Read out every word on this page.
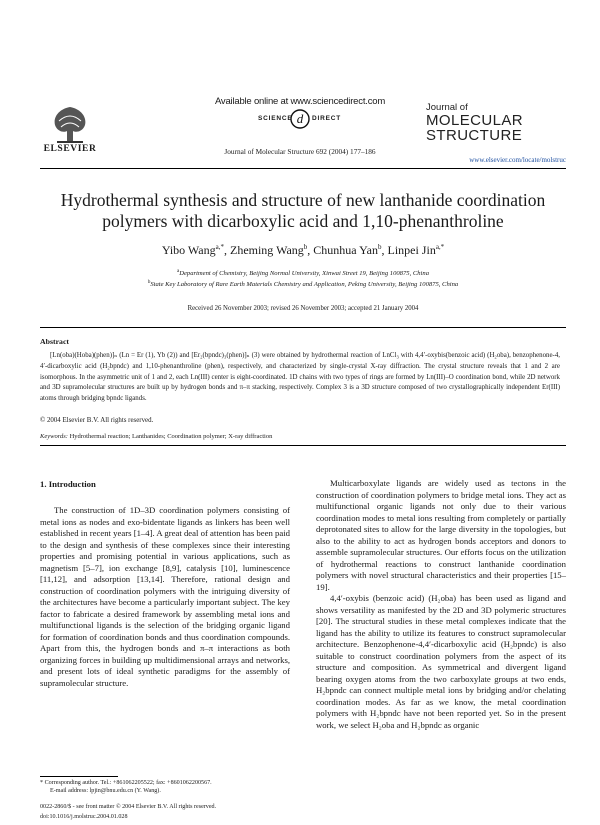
ELSEVIER
Available online at www.sciencedirect.com
d
SCIENCE	DIRECT
Journal of Molecular Structure 692 (2004) 177–186
Journal of
MOLECULAR
STRUCTURE
www.elsevier.com/locate/molstruc
Hydrothermal synthesis and structure of new lanthanide coordination
polymers with dicarboxylic acid and 1,10-phenanthroline
Yibo Wang$^{a,*}$, Zheming Wang$^b$, Chunhua Yan$^b$, Linpei Jin$^{a,*}$
$^a$Department of Chemistry, Beijing Normal University, Xinwai Street 19, Beijing 100875, China
$^b$State Key Laboratory of Rare Earth Materials Chemistry and Application, Peking University, Beijing 100875, China
Received 26 November 2003; revised 26 November 2003; accepted 21 January 2004
Abstract
[Ln(oba)(Hoba)(phen)]ₙ (Ln = Er (1), Yb (2)) and [Er₂(bpndc)₃(phen)]ₙ (3) were obtained by hydrothermal reaction of LnCl₃ with 4,4′-oxybis(benzoic acid) (H₂oba), benzophenone-4, 4′-dicarboxylic acid (H₂bpndc) and 1,10-phenanthroline (phen), respectively, and characterized by single-crystal X-ray diffraction. The crystal structure reveals that 1 and 2 are isomorphous. In the asymmetric unit of 1 and 2, each Ln(III) center is eight-coordinated. 1D chains with two types of rings are formed by Ln(III)–O coordination bond, while 2D network and 3D supramolecular structures are built up by hydrogen bonds and π–π stacking, respectively. Complex 3 is a 3D structure composed of two crystallographically independent Er(III) atoms through bridging bpndc ligands.
© 2004 Elsevier B.V. All rights reserved.
Keywords: Hydrothermal reaction; Lanthanides; Coordination polymer; X-ray diffraction
1. Introduction
The construction of 1D–3D coordination polymers consisting of metal ions as nodes and exo-bidentate ligands as linkers has been well established in recent years [1–4]. A great deal of attention has been paid to the design and synthesis of these complexes since their interesting properties and promising potential in various applications, such as magnetism [5–7], ion exchange [8,9], catalysis [10], luminescence [11,12], and adsorption [13,14]. Therefore, rational design and construction of coordination polymers with the intriguing diversity of the architectures have become a particularly important subject. The key factor to fabricate a desired framework by assembling metal ions and multifunctional ligands is the selection of the bridging organic ligand for formation of coordination bonds and thus coordination compounds. Apart from this, the hydrogen bonds and π–π interactions as both organizing forces in building up multidimensional arrays and networks, and present lots of ideal synthetic paradigms for the assembly of supramolecular structure.

Multicarboxylate ligands are widely used as tectons in the construction of coordination polymers to bridge metal ions. They act as multifunctional organic ligands not only due to their various coordination modes to metal ions resulting from completely or partially deprotonated sites to allow for the large diversity in the topologies, but also to the ability to act as hydrogen bonds acceptors and donors to assemble supramolecular structures. Our efforts focus on the utilization of hydrothermal reactions to construct lanthanide coordination polymers with novel structural characteristics and their properties [15–19].

4,4′-oxybis (benzoic acid) (H₂oba) has been used as ligand and shows versatility as manifested by the 2D and 3D polymeric structures [20]. The structural studies in these metal complexes indicate that the ligand has the ability to utilize its features to construct supramolecular architecture. Benzophenone-4,4′-dicarboxylic acid (H₂bpndc) is also suitable to construct coordination polymers from the aspect of its structure and composition. As symmetrical and divergent ligand bearing oxygen atoms from the two carboxylate groups at two ends, H₂bpndc can connect multiple metal ions by bridging and/or chelating coordination modes. As far as we know, the metal coordination polymers with H₂bpndc have not been reported yet. So in the present work, we select H₂oba and H₂bpndc as organic

* Corresponding author. Tel.: +861062205522; fax: +8601062200567.
E-mail address: lpjin@bnu.edu.cn (Y. Wang).
0022-2860/$ - see front matter © 2004 Elsevier B.V. All rights reserved.
doi:10.1016/j.molstruc.2004.01.028
